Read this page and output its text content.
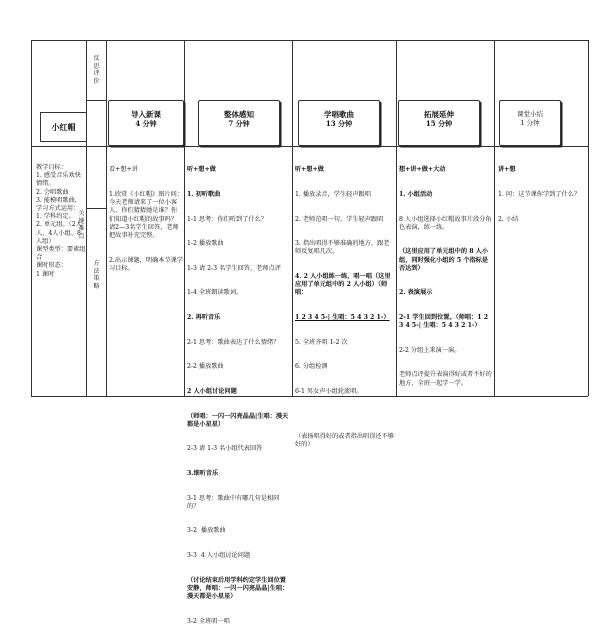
反思评价
关键难点
方法策略
小红帽
教学目标：
1. 感受音乐欢快情绪。
2. 会唱歌曲
3. 能模唱歌曲，学习方式运用：
1. 学科约定。
2. 单元组。（2人人、4人小组、8人组）
课型类型：要素组合
课时形态：
1 课时
导入新课
4 分钟
整体感知
7 分钟
学唱歌曲
13 分钟
拓展延伸
15 分钟
课堂小结
1 分钟

看+想+讲

1.欣赏《小红帽》图片问：今天老师请来了一位小客人，你们猜猜她是谁？你们知道小红帽的故事吗？请2—3名学生回答，老师把故事补充完整。

2.出示课题，明确本节课学习目标。

听+想+做

1. 初听歌曲

1-1 思考：你们听到了什么？

1-2 播放歌曲

1-3 请 2-3 名学生回答，老师点评

1-4 全班朗读歌词。

2. 再听音乐

2-1 思考：歌曲表达了什么情绪？

2-2 播放歌曲

2 人小组讨论问题

（师唱：一闪一闪亮晶晶|生唱：漫天都是小星星）

2-3 请 1-3 名小组代表回答

3.细听音乐

3-1 思考：歌曲中有哪几句是相同的？

3-2  播放歌曲

3-3  4 人小组讨论问题

（讨论结束后用学科约定学生回位置安静，师唱：一闪一闪亮晶晶|生唱：漫天都是小星星）

3-2 全班唱一唱

听+想+做

1. 播放录音，学生轻声跟唱

2. 老师范唱一句，学生轻声跟唱

3. 指出唱得不够准确的地方，跟老师反复唱几次。

4. 2 人小组练一练，唱一唱（这里应用了单元组中的 2 人小组）（师唱：

1 2 3 4 5-| 生唱：5 4 3 2 1-）

5. 全班齐唱 1-2 次

6. 分组检测

6-1 男女声小组轮流唱。

（表扬唱得好的或者指出唱得还不够好的）

想+讲+做+大动

1. 小组活动

8 人小组选择小红帽故事片段分角色表演，练一练。

（这里应用了单元组中的 8 人小组，同时强化小组的 5 个指标是否达到）

2. 表演展示

2-1 学生回到位置。（师唱：1 2 3 4 5-| 生唱：5 4 3 2 1-）

2-2 分组上来演一演。

老师点评提升表演得好或者不好的地方，全班一起学一学。

讲+想

1. 问：这节课你学到了什么？

2. 小结
